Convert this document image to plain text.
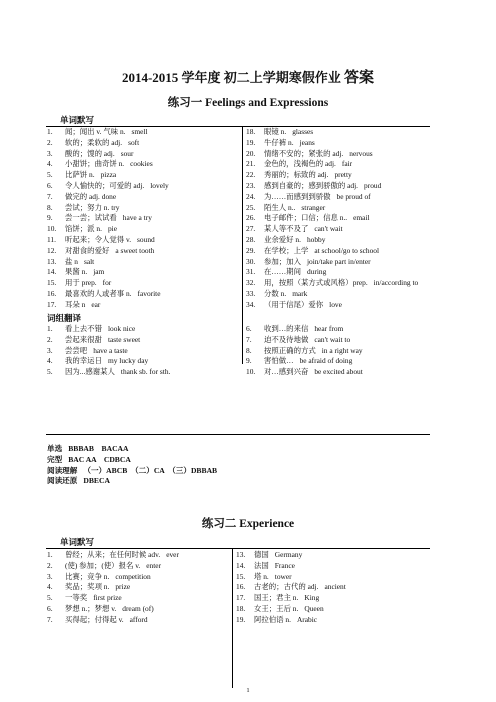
2014-2015 学年度 初二上学期寒假作业 答案
练习一 Feelings and Expressions
单词默写
1. 闻；闻出 v. 气味 n. smell
2. 软的；柔软的 adj. soft
3. 酸的；馊的 adj. sour
4. 小甜饼；曲奇饼 n. cookies
5. 比萨饼 n. pizza
6. 令人愉快的；可爱的 adj. lovely
7. 做完的 adj. done
8. 尝试；努力 n. try
9. 尝一尝；试试看 have a try
10. 馅饼；派 n. pie
11. 听起来；令人觉得 v. sound
12. 对甜食的爱好 a sweet tooth
13. 盐 n salt
14. 果酱 n. jam
15. 用于 prep. for
16. 最喜欢的人或者事 n. favorite
17. 耳朵 n ear
18. 眼镜 n. glasses
19. 牛仔裤 n. jeans
20. 情绪不安的；紧张的 adj. nervous
21. 金色的，浅褐色的 adj. fair
22. 秀丽的；标致的 adj. pretty
23. 感到自豪的；感到骄傲的 adj. proud
24. 为……而感到到骄傲 be proud of
25. 陌生人 n.. stranger
26. 电子邮件；口信；信息 n.. email
27. 某人等不及了 can't wait
28. 业余爱好 n. hobby
29. 在学校；上学 at school/go to school
30. 参加；加入 join/take part in/enter
31. 在……期间 during
32. 用，按照（某方式或风格）prep. in/according to
33. 分数 n. mark
34. （用于信尾）爱你 love
词组翻译
1. 看上去不错 look nice
2. 尝起来很甜 taste sweet
3. 尝尝吧 have a taste
4. 我的幸运日 my lucky day
5. 因为...感谢某人 thank sb. for sth.
6. 收到…的来信 hear from
7. 迫不及待地做 can't wait to
8. 按照正确的方式 in a right way
9. 害怕做… be afraid of doing
10. 对…感到兴奋 be excited about
单选 BBBAB　BACAA
完型 BAC AA　CDBCA
阅读理解 （一）ABCB　（二）CA　（三）DBBAB
阅读还原 DBECA
练习二 Experience
单词默写
1. 曾经；从来；在任何时候 adv. ever
2. (使) 参加；(使）报名 v. enter
3. 比赛；竞争 n. competition
4. 奖品；奖项 n. prize
5. 一等奖 first prize
6. 梦想 n.；梦想 v. dream (of)
7. 买得起；付得起 v. afford
13. 德国 Germany
14. 法国 France
15. 塔 n. tower
16. 古老的；古代的 adj. ancient
17. 国王；君主 n. King
18. 女王；王后 n. Queen
19. 阿拉伯语 n. Arabic
1
